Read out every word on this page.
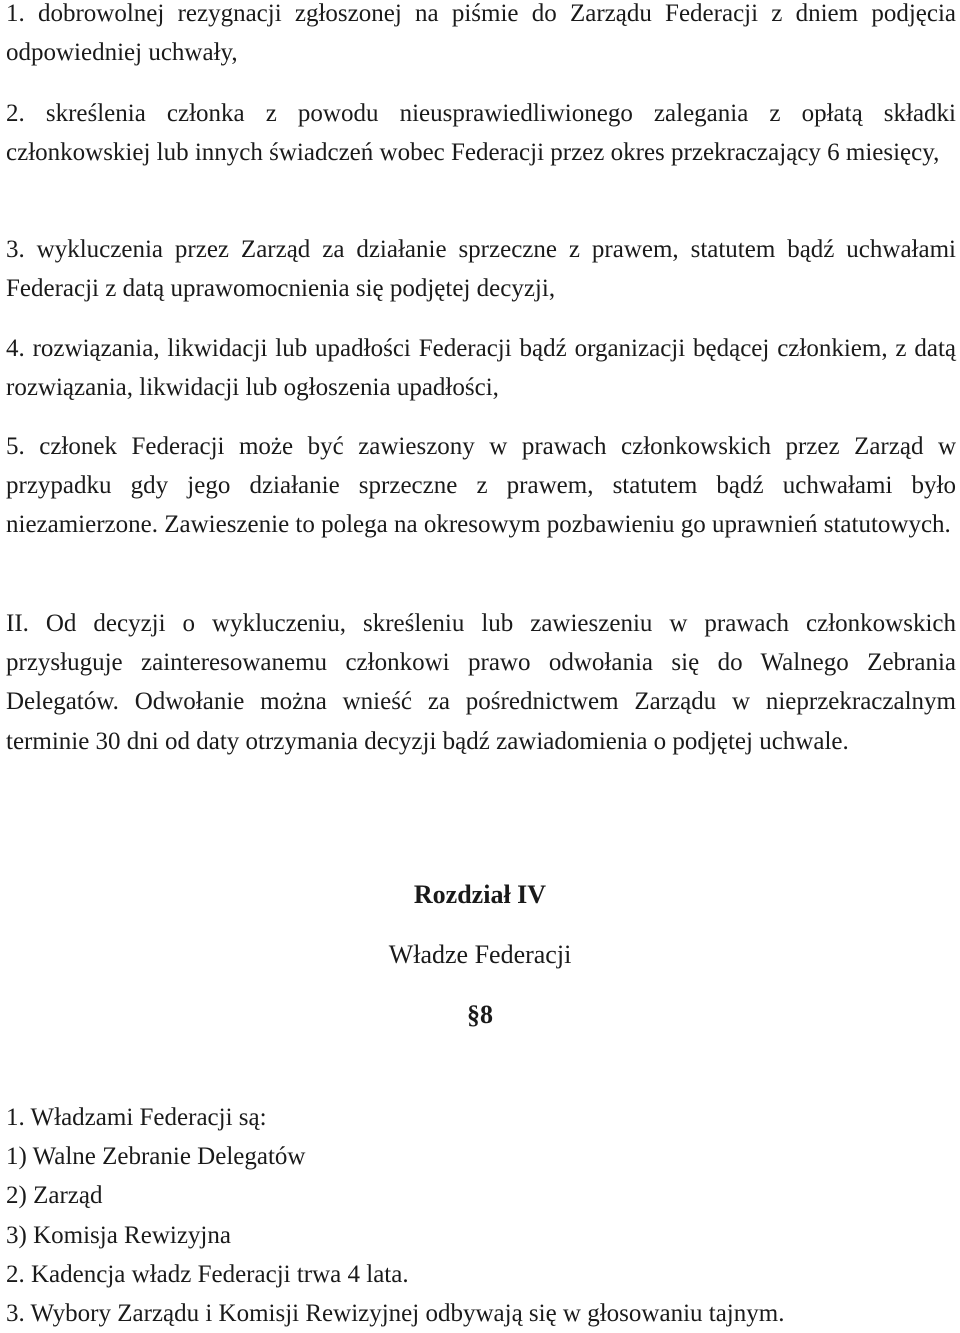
1. dobrowolnej rezygnacji zgłoszonej na piśmie do Zarządu Federacji z dniem podjęcia odpowiedniej uchwały,

2. skreślenia członka z powodu nieusprawiedliwionego zalegania z opłatą składki członkowskiej lub innych świadczeń wobec Federacji przez okres przekraczający 6 miesięcy,

3. wykluczenia przez Zarząd za działanie sprzeczne z prawem, statutem bądź uchwałami Federacji z datą uprawomocnienia się podjętej decyzji,

4. rozwiązania, likwidacji lub upadłości Federacji bądź organizacji będącej członkiem, z datą rozwiązania, likwidacji lub ogłoszenia upadłości,

5. członek Federacji może być zawieszony w prawach członkowskich przez Zarząd w przypadku gdy jego działanie sprzeczne z prawem, statutem bądź uchwałami było niezamierzone. Zawieszenie to polega na okresowym pozbawieniu go uprawnień statutowych.

II. Od decyzji o wykluczeniu, skreśleniu lub zawieszeniu w prawach członkowskich przysługuje zainteresowanemu członkowi prawo odwołania się do Walnego Zebrania Delegatów. Odwołanie można wnieść za pośrednictwem Zarządu w nieprzekraczalnym terminie 30 dni od daty otrzymania decyzji bądź zawiadomienia o podjętej uchwale.

Rozdział IV
Władze Federacji
§8
1. Władzami Federacji są:
1) Walne Zebranie Delegatów
2) Zarząd
3) Komisja Rewizyjna
2. Kadencja władz Federacji trwa 4 lata.
3. Wybory Zarządu i Komisji Rewizyjnej odbywają się w głosowaniu tajnym.
